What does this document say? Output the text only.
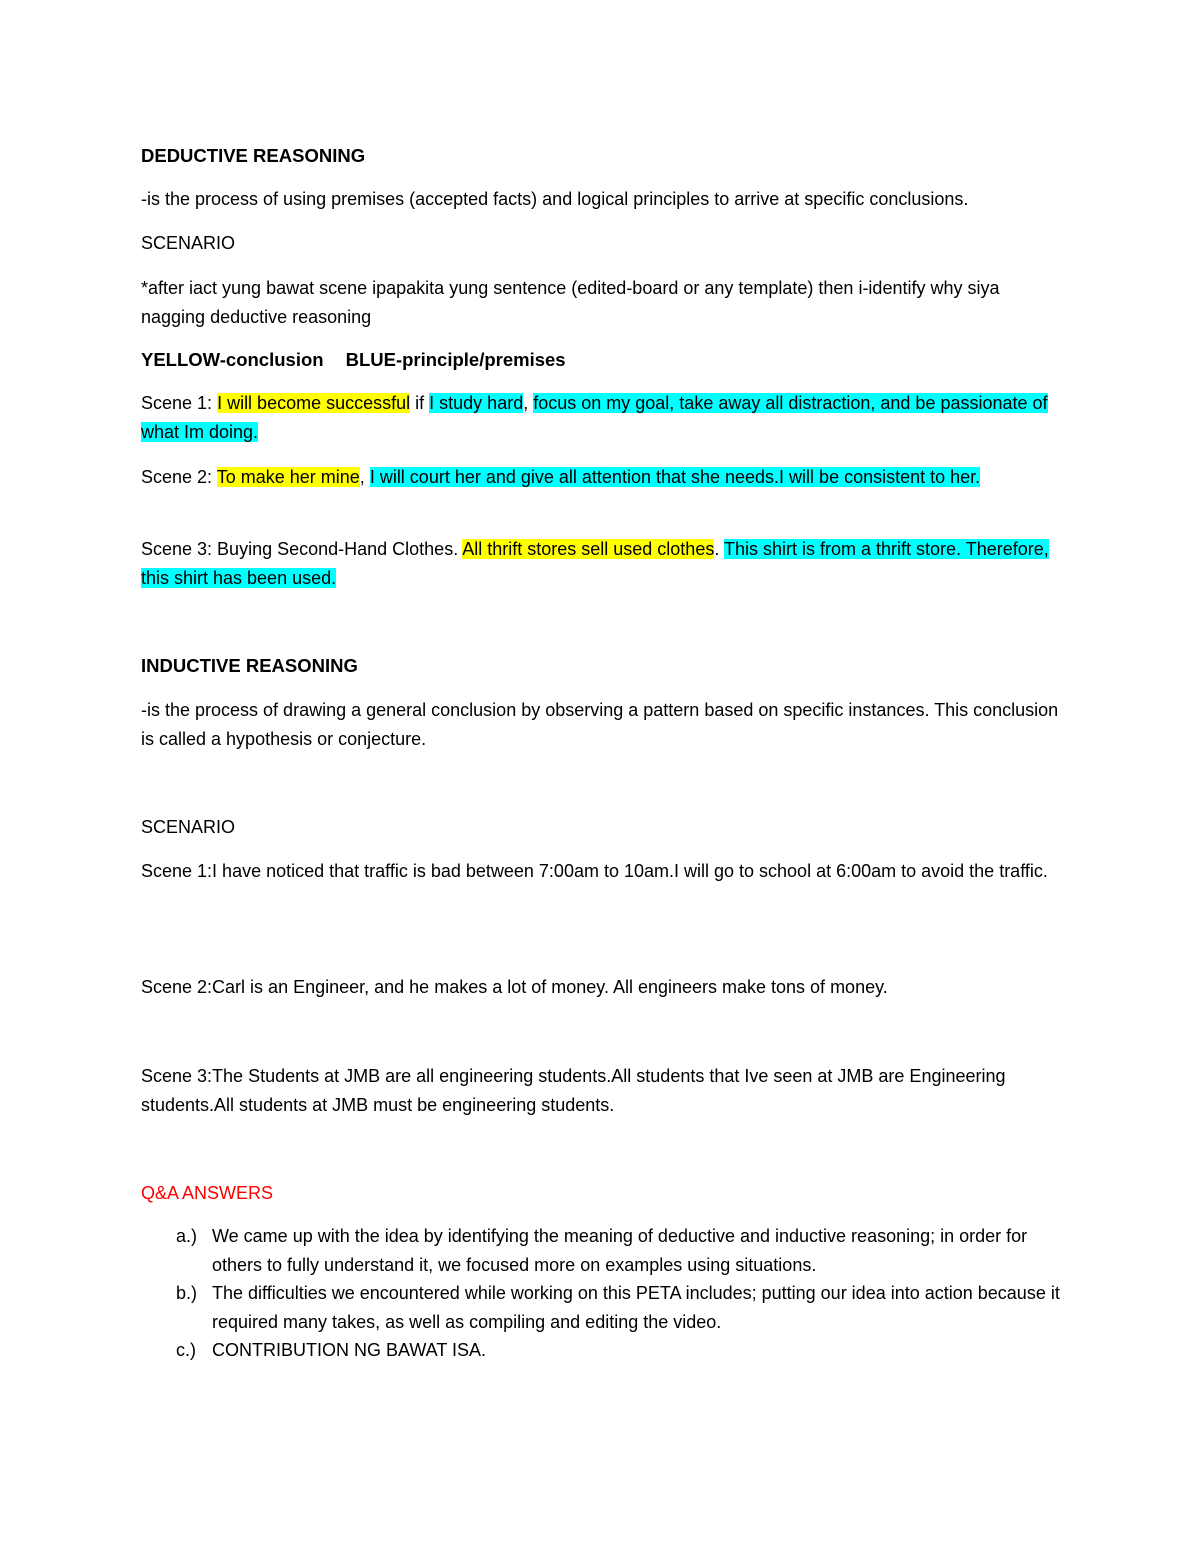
DEDUCTIVE REASONING

-is the process of using premises (accepted facts) and logical principles to arrive at specific conclusions.

SCENARIO

*after iact yung bawat scene ipapakita yung sentence (edited-board or any template) then i-identify why siya nagging deductive reasoning

YELLOW-conclusion BLUE-principle/premises

Scene 1: I will become successful if I study hard, focus on my goal, take away all distraction, and be passionate of what Im doing.

Scene 2: To make her mine, I will court her and give all attention that she needs.I will be consistent to her.

Scene 3: Buying Second-Hand Clothes. All thrift stores sell used clothes. This shirt is from a thrift store. Therefore, this shirt has been used.

INDUCTIVE REASONING

-is the process of drawing a general conclusion by observing a pattern based on specific instances. This conclusion is called a hypothesis or conjecture.

SCENARIO

Scene 1:I have noticed that traffic is bad between 7:00am to 10am.I will go to school at 6:00am to avoid the traffic.

Scene 2:Carl is an Engineer, and he makes a lot of money. All engineers make tons of money.

Scene 3:The Students at JMB are all engineering students.All students that Ive seen at JMB are Engineering students.All students at JMB must be engineering students.

Q&A ANSWERS

a.) We came up with the idea by identifying the meaning of deductive and inductive reasoning; in order for others to fully understand it, we focused more on examples using situations.
b.) The difficulties we encountered while working on this PETA includes; putting our idea into action because it required many takes, as well as compiling and editing the video.
c.) CONTRIBUTION NG BAWAT ISA.
